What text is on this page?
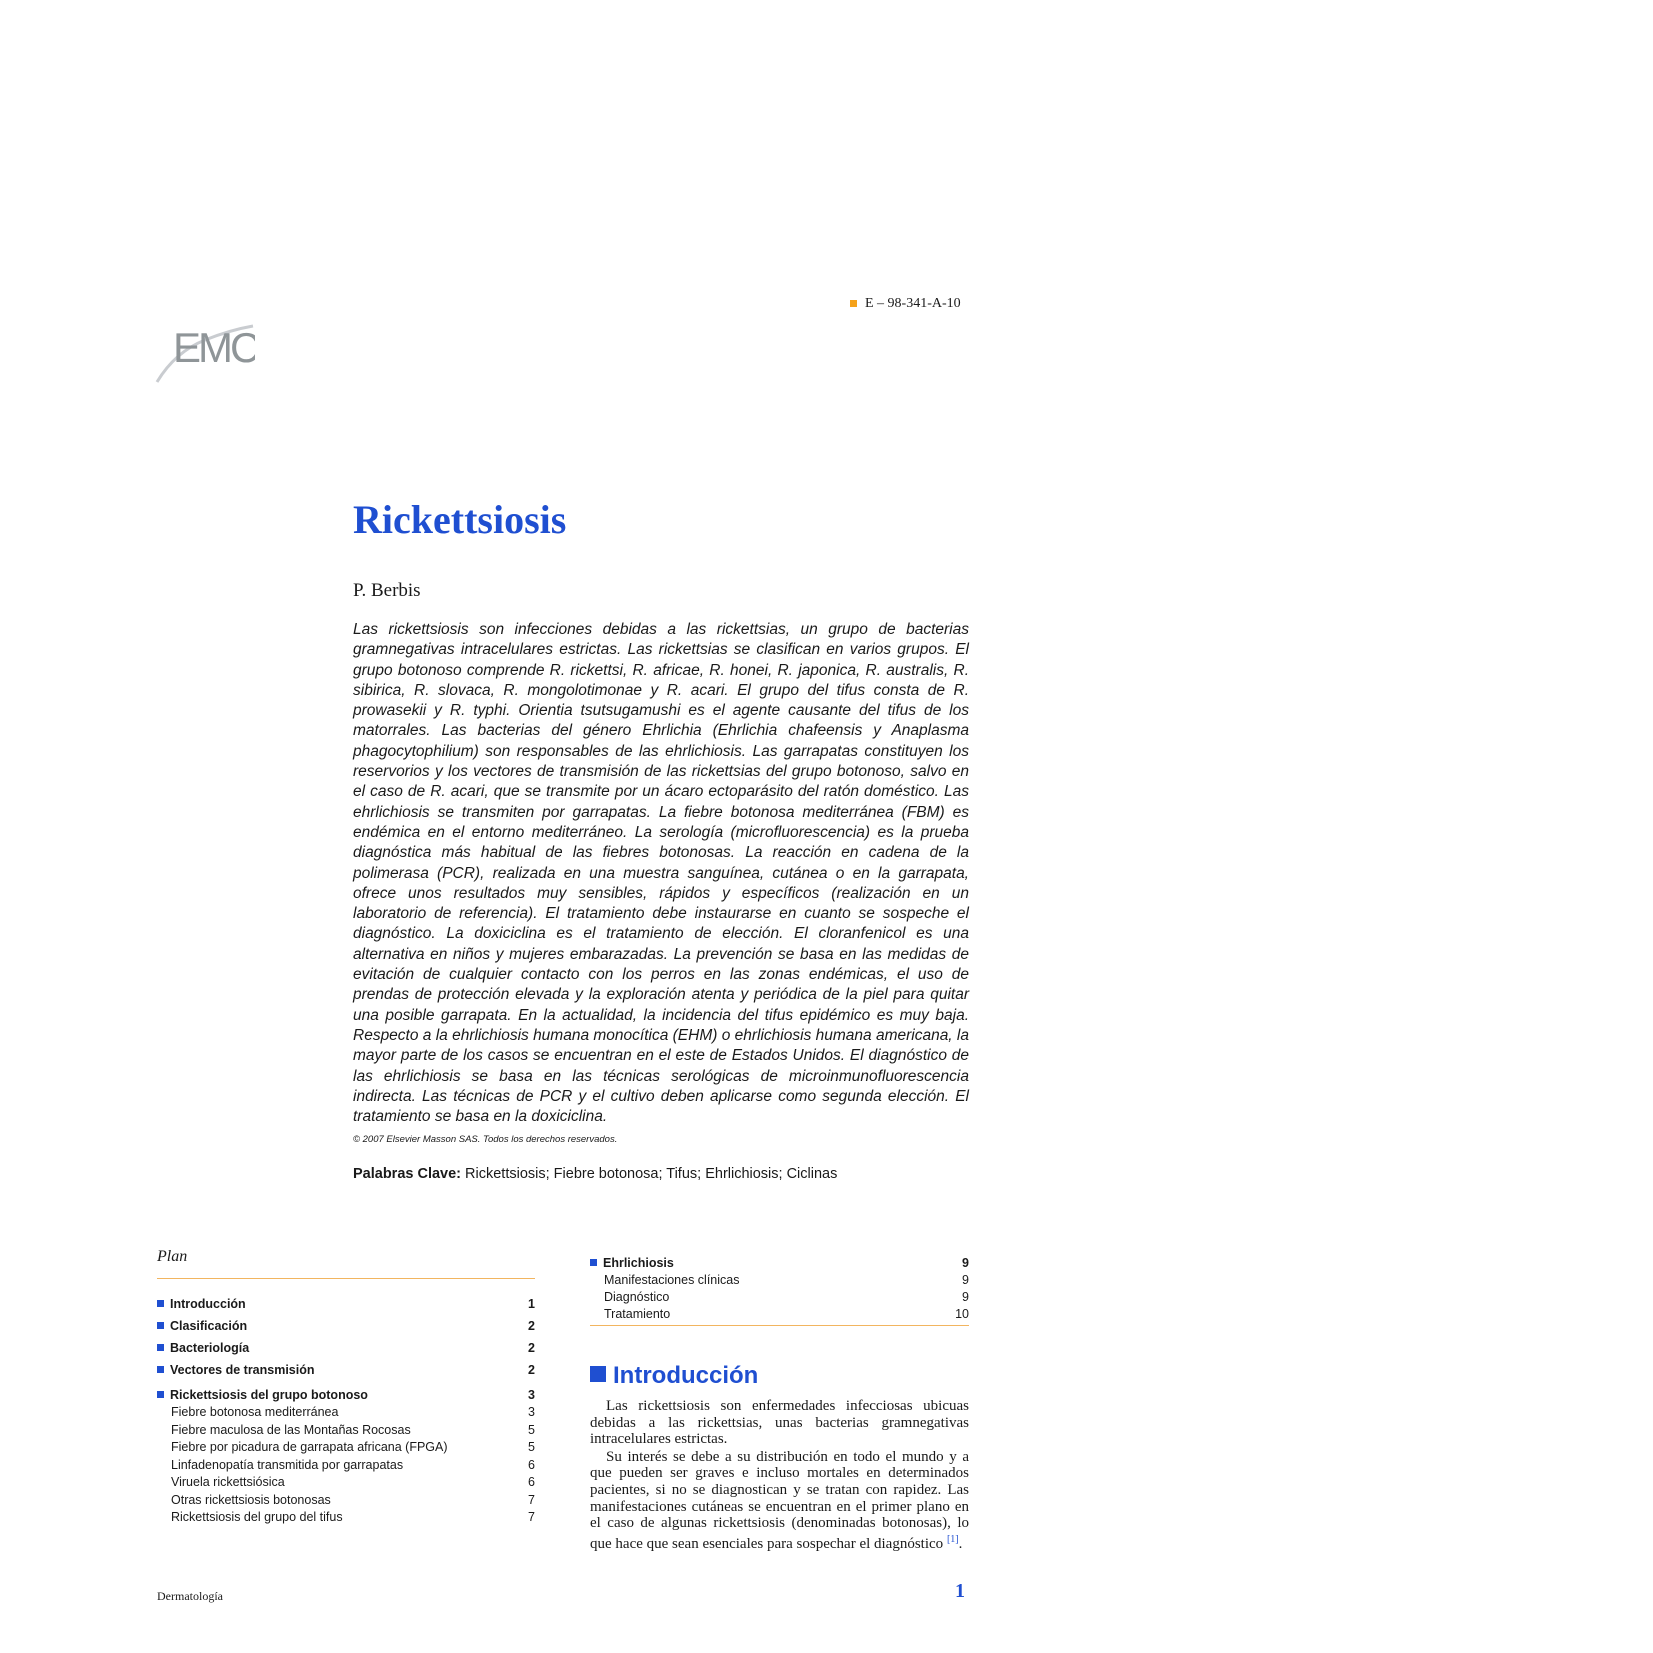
E – 98-341-A-10
EMC
Rickettsiosis
P. Berbis
Las rickettsiosis son infecciones debidas a las rickettsias, un grupo de bacterias gramnegativas intracelulares estrictas. Las rickettsias se clasifican en varios grupos. El grupo botonoso comprende R. rickettsi, R. africae, R. honei, R. japonica, R. australis, R. sibirica, R. slovaca, R. mongolotimonae y R. acari. El grupo del tifus consta de R. prowasekii y R. typhi. Orientia tsutsugamushi es el agente causante del tifus de los matorrales. Las bacterias del género Ehrlichia (Ehrlichia chafeensis y Anaplasma phagocytophilium) son responsables de las ehrlichiosis. Las garrapatas constituyen los reservorios y los vectores de transmisión de las rickettsias del grupo botonoso, salvo en el caso de R. acari, que se transmite por un ácaro ectoparásito del ratón doméstico. Las ehrlichiosis se transmiten por garrapatas. La fiebre botonosa mediterránea (FBM) es endémica en el entorno mediterráneo. La serología (microfluorescencia) es la prueba diagnóstica más habitual de las fiebres botonosas. La reacción en cadena de la polimerasa (PCR), realizada en una muestra sanguínea, cutánea o en la garrapata, ofrece unos resultados muy sensibles, rápidos y específicos (realización en un laboratorio de referencia). El tratamiento debe instaurarse en cuanto se sospeche el diagnóstico. La doxiciclina es el tratamiento de elección. El cloranfenicol es una alternativa en niños y mujeres embarazadas. La prevención se basa en las medidas de evitación de cualquier contacto con los perros en las zonas endémicas, el uso de prendas de protección elevada y la exploración atenta y periódica de la piel para quitar una posible garrapata. En la actualidad, la incidencia del tifus epidémico es muy baja. Respecto a la ehrlichiosis humana monocítica (EHM) o ehrlichiosis humana americana, la mayor parte de los casos se encuentran en el este de Estados Unidos. El diagnóstico de las ehrlichiosis se basa en las técnicas serológicas de microinmunofluorescencia indirecta. Las técnicas de PCR y el cultivo deben aplicarse como segunda elección. El tratamiento se basa en la doxiciclina.
© 2007 Elsevier Masson SAS. Todos los derechos reservados.
Palabras Clave: Rickettsiosis; Fiebre botonosa; Tifus; Ehrlichiosis; Ciclinas
Plan
Introducción	1
Clasificación	2
Bacteriología	2
Vectores de transmisión	2
Rickettsiosis del grupo botonoso	3
Fiebre botonosa mediterránea	3
Fiebre maculosa de las Montañas Rocosas	5
Fiebre por picadura de garrapata africana (FPGA)	5
Linfadenopatía transmitida por garrapatas	6
Viruela rickettsiósica	6
Otras rickettsiosis botonosas	7
Rickettsiosis del grupo del tifus	7
Ehrlichiosis	9
Manifestaciones clínicas	9
Diagnóstico	9
Tratamiento	10
Introducción

Las rickettsiosis son enfermedades infecciosas ubicuas debidas a las rickettsias, unas bacterias gramnegativas intracelulares estrictas.

Su interés se debe a su distribución en todo el mundo y a que pueden ser graves e incluso mortales en determinados pacientes, si no se diagnostican y se tratan con rapidez. Las manifestaciones cutáneas se encuentran en el primer plano en el caso de algunas rickettsiosis (denominadas botonosas), lo que hace que sean esenciales para sospechar el diagnóstico [1].

Dermatología	1
